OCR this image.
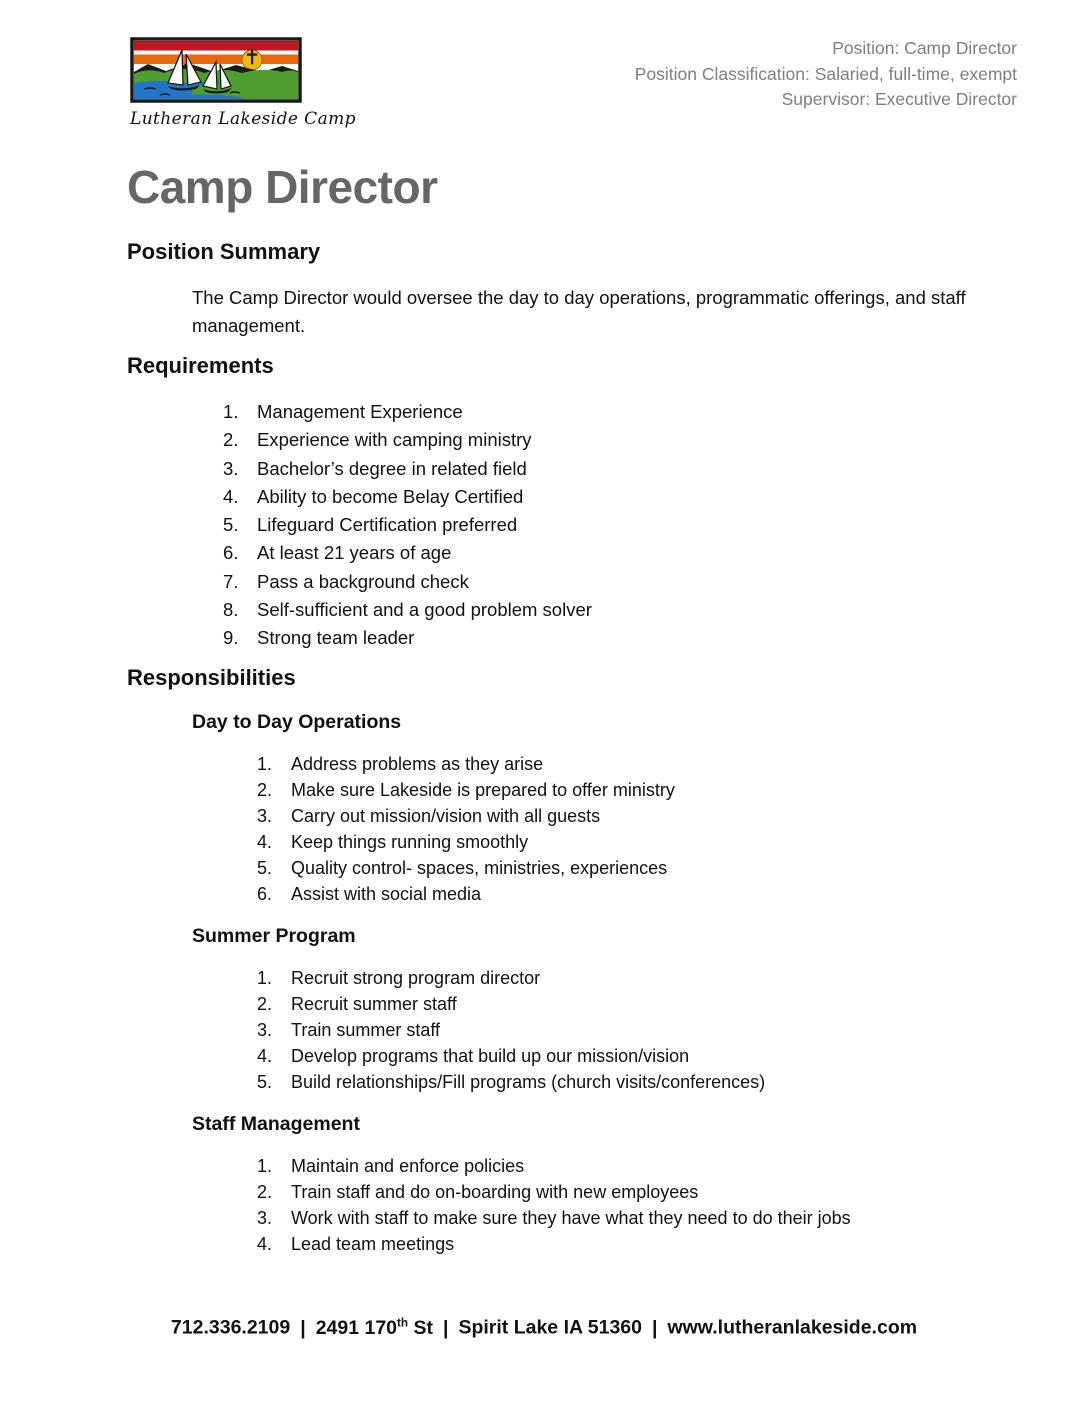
Lutheran Lakeside Camp
Position: Camp Director
Position Classification: Salaried, full-time, exempt
Supervisor: Executive Director
Camp Director
Position Summary

The Camp Director would oversee the day to day operations, programmatic offerings, and staff management.

Requirements
1.	Management Experience
2.	Experience with camping ministry
3.	Bachelor’s degree in related field
4.	Ability to become Belay Certified
5.	Lifeguard Certification preferred
6.	At least 21 years of age
7.	Pass a background check
8.	Self-sufficient and a good problem solver
9.	Strong team leader
Responsibilities
Day to Day Operations
1.	Address problems as they arise
2.	Make sure Lakeside is prepared to offer ministry
3.	Carry out mission/vision with all guests
4.	Keep things running smoothly
5.	Quality control- spaces, ministries, experiences
6.	Assist with social media
Summer Program
1.	Recruit strong program director
2.	Recruit summer staff
3.	Train summer staff
4.	Develop programs that build up our mission/vision
5.	Build relationships/Fill programs (church visits/conferences)
Staff Management
1.	Maintain and enforce policies
2.	Train staff and do on-boarding with new employees
3.	Work with staff to make sure they have what they need to do their jobs
4.	Lead team meetings
712.336.2109 | 2491 170th St | Spirit Lake IA 51360 | www.lutheranlakeside.com
